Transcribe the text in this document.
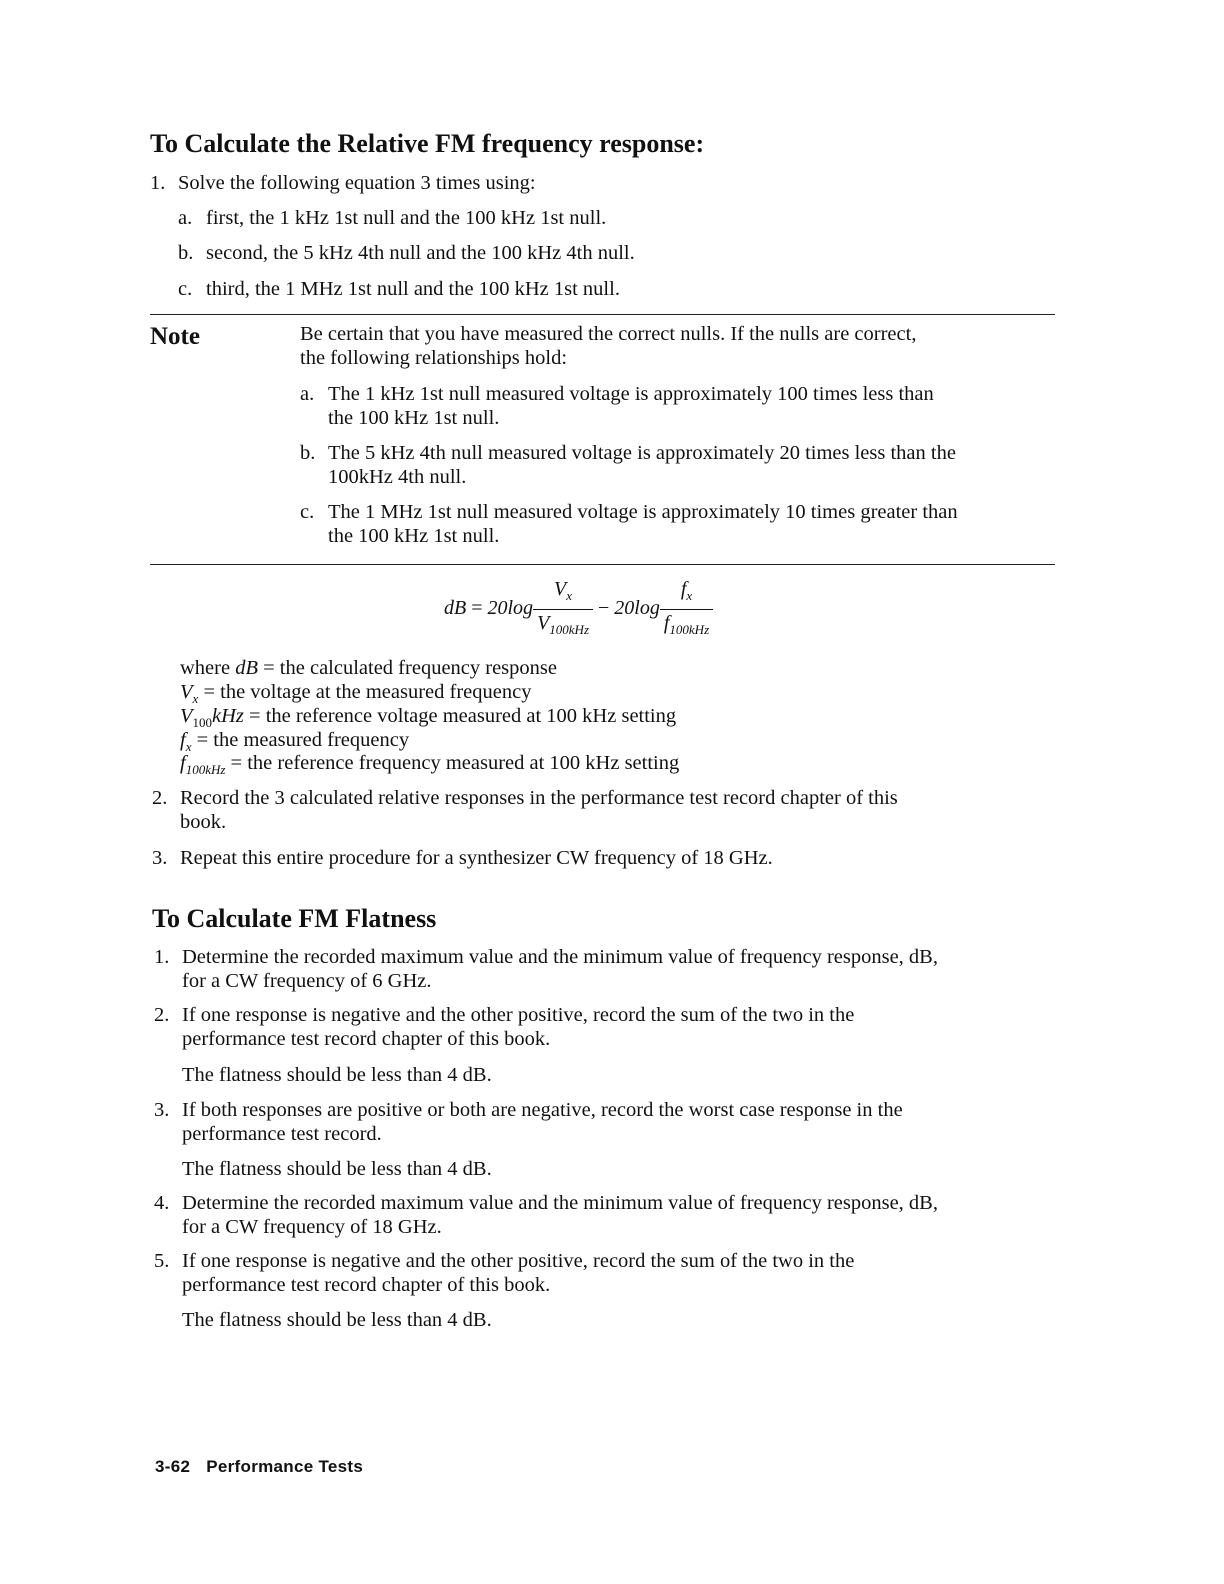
To Calculate the Relative FM frequency response:

1. Solve the following equation 3 times using:

a. first, the 1 kHz 1st null and the 100 kHz 1st null.

b. second, the 5 kHz 4th null and the 100 kHz 4th null.

c. third, the 1 MHz 1st null and the 100 kHz 1st null.

Note	Be certain that you have measured the correct nulls. If the nulls are correct,

the following relationships hold:

a. The 1 kHz 1st null measured voltage is approximately 100 times less than

the 100 kHz 1st null.

b. The 5 kHz 4th null measured voltage is approximately 20 times less than the

100kHz 4th null.

c. The 1 MHz 1st null measured voltage is approximately 10 times greater than

the 100 kHz 1st null.

dB = $20\log \frac{V_x}{V_{100kHz}} - 20\log \frac{f_x}{f_{100kHz}}$

where dB = the calculated frequency response

$V_x$ = the voltage at the measured frequency

$V_{100}kHz$ = the reference voltage measured at 100 kHz setting

$f_x$ = the measured frequency

$f_{100kHz}$ = the reference frequency measured at 100 kHz setting

2. Record the 3 calculated relative responses in the performance test record chapter of this

book.

3. Repeat this entire procedure for a synthesizer CW frequency of 18 GHz.

To Calculate FM Flatness

1. Determine the recorded maximum value and the minimum value of frequency response, dB,

for a CW frequency of 6 GHz.

2. If one response is negative and the other positive, record the sum of the two in the

performance test record chapter of this book.

The flatness should be less than 4 dB.

3. If both responses are positive or both are negative, record the worst case response in the

performance test record.

The flatness should be less than 4 dB.

4. Determine the recorded maximum value and the minimum value of frequency response, dB,

for a CW frequency of 18 GHz.

5. If one response is negative and the other positive, record the sum of the two in the

performance test record chapter of this book.

The flatness should be less than 4 dB.

3-62 Performance Tests
